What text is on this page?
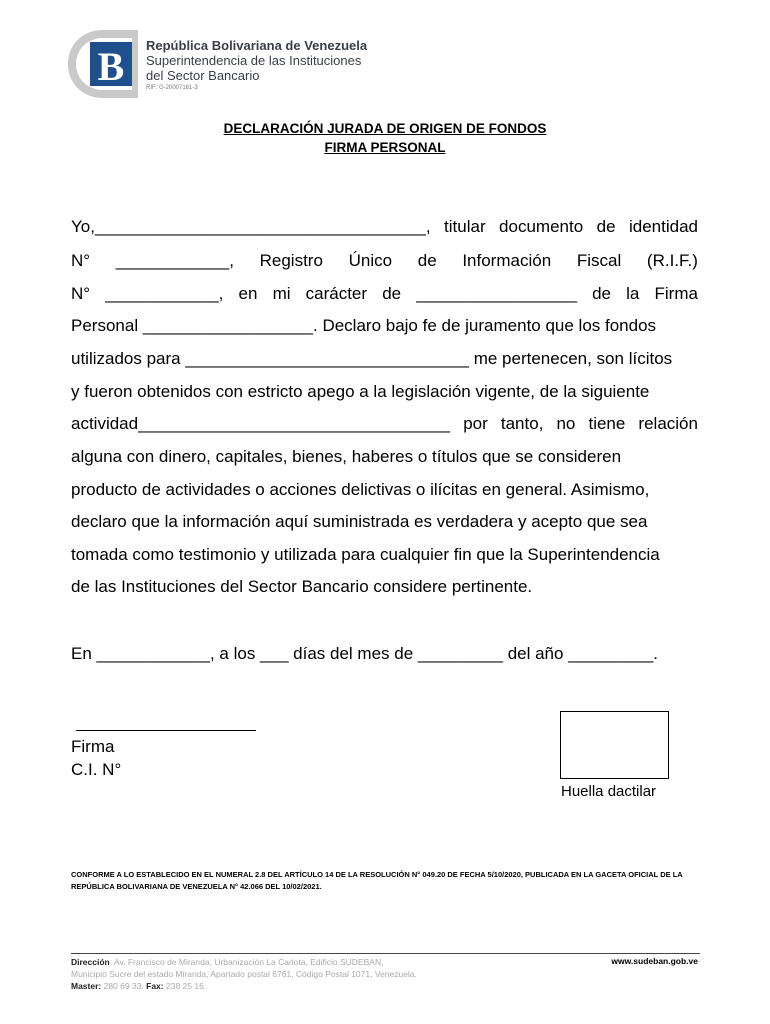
B República Bolivariana de Venezuela
Superintendencia de las Instituciones
del Sector Bancario
RIF: G-20007161-3
DECLARACIÓN JURADA DE ORIGEN DE FONDOS
FIRMA PERSONAL
Yo,___________________________________, titular documento de identidad
N° ____________, Registro Único de Información Fiscal (R.I.F.)
N° ____________, en mi carácter de _________________ de la Firma
Personal __________________. Declaro bajo fe de juramento que los fondos
utilizados para ______________________________ me pertenecen, son lícitos
y fueron obtenidos con estricto apego a la legislación vigente, de la siguiente
actividad_________________________________ por tanto, no tiene relación
alguna con dinero, capitales, bienes, haberes o títulos que se consideren
producto de actividades o acciones delictivas o ilícitas en general. Asimismo,
declaro que la información aquí suministrada es verdadera y acepto que sea
tomada como testimonio y utilizada para cualquier fin que la Superintendencia
de las Instituciones del Sector Bancario considere pertinente.
En ____________, a los ___ días del mes de _________ del año _________.
Firma
C.I. N°
Huella dactilar
CONFORME A LO ESTABLECIDO EN EL NUMERAL 2.8 DEL ARTÍCULO 14 DE LA RESOLUCIÓN N° 049.20 DE FECHA 5/10/2020, PUBLICADA EN LA GACETA OFICIAL DE LA REPÚBLICA BOLIVARIANA DE VENEZUELA N° 42.066 DEL 10/02/2021.
Dirección: Av. Francisco de Miranda, Urbanización La Carlota, Edificio SUDEBAN,
Municipio Sucre del estado Miranda, Apartado postal 6761, Código Postal 1071, Venezuela.
Master: 280 69 33. Fax: 238 25 16.
www.sudeban.gob.ve
